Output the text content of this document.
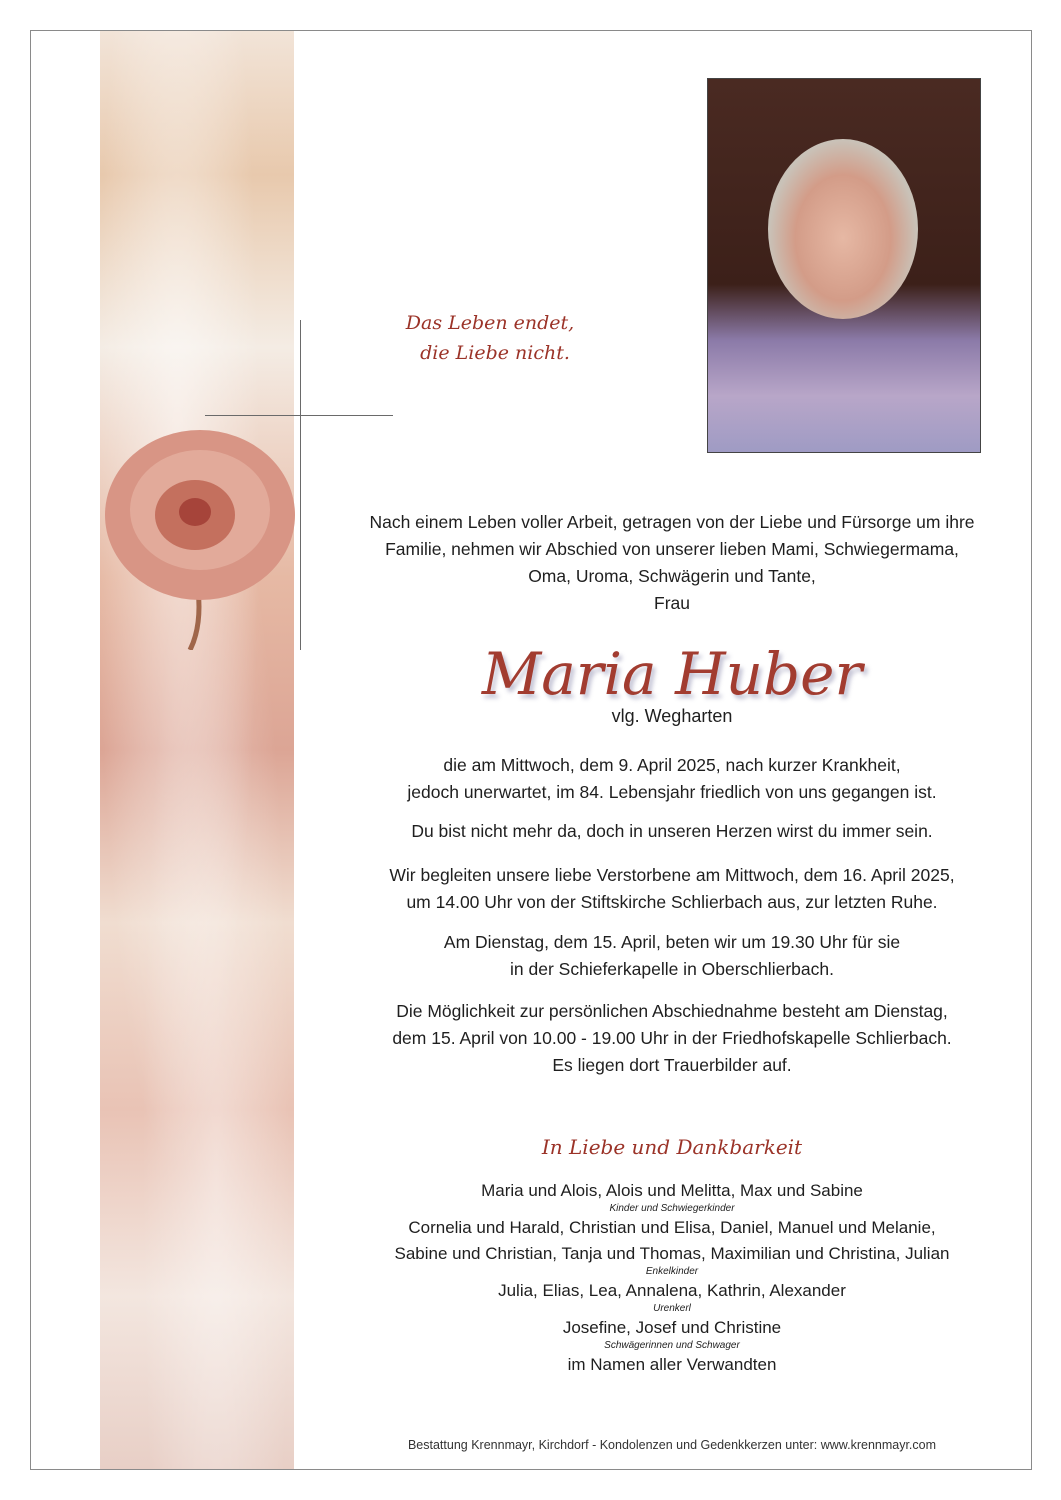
Das Leben endet,
die Liebe nicht.
Nach einem Leben voller Arbeit, getragen von der Liebe und Fürsorge um ihre
Familie, nehmen wir Abschied von unserer lieben Mami, Schwiegermama,
Oma, Uroma, Schwägerin und Tante,
Frau
Maria Huber
vlg. Wegharten
die am Mittwoch, dem 9. April 2025, nach kurzer Krankheit,
jedoch unerwartet, im 84. Lebensjahr friedlich von uns gegangen ist.
Du bist nicht mehr da, doch in unseren Herzen wirst du immer sein.
Wir begleiten unsere liebe Verstorbene am Mittwoch, dem 16. April 2025,
um 14.00 Uhr von der Stiftskirche Schlierbach aus, zur letzten Ruhe.
Am Dienstag, dem 15. April, beten wir um 19.30 Uhr für sie
in der Schieferkapelle in Oberschlierbach.
Die Möglichkeit zur persönlichen Abschiednahme besteht am Dienstag,
dem 15. April von 10.00 - 19.00 Uhr in der Friedhofskapelle Schlierbach.
Es liegen dort Trauerbilder auf.
In Liebe und Dankbarkeit
Maria und Alois, Alois und Melitta, Max und Sabine
Kinder und Schwiegerkinder
Cornelia und Harald, Christian und Elisa, Daniel, Manuel und Melanie,
Sabine und Christian, Tanja und Thomas, Maximilian und Christina, Julian
Enkelkinder
Julia, Elias, Lea, Annalena, Kathrin, Alexander
Urenkerl
Josefine, Josef und Christine
Schwägerinnen und Schwager
im Namen aller Verwandten
Bestattung Krennmayr, Kirchdorf - Kondolenzen und Gedenkkerzen unter: www.krennmayr.com
